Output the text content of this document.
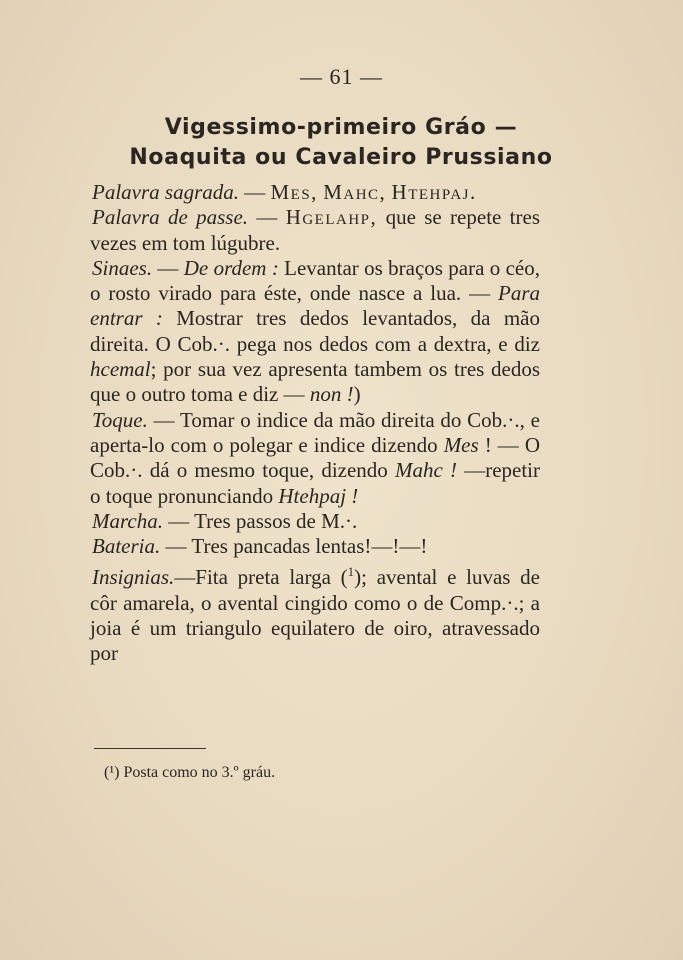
— 61 —
Vigessimo-primeiro Gráo —
Noaquita ou Cavaleiro Prussiano

Palavra sagrada. — Mes, Mahc, Htehpaj.

Palavra de passe. — Hgelahp, que se repete tres vezes em tom lúgubre.

Sinaes. — De ordem : Levantar os braços para o céo, o rosto virado para éste, onde nasce a lua. — Para entrar : Mostrar tres dedos levantados, da mão direita. O Cob.·. pega nos dedos com a dextra, e diz hcemal; por sua vez apresenta tambem os tres dedos que o outro toma e diz — non !)

Toque. — Tomar o indice da mão direita do Cob.·., e aperta-lo com o polegar e indice dizendo Mes ! — O Cob.·. dá o mesmo toque, dizendo Mahc ! —repetir o toque pronunciando Htehpaj !

Marcha. — Tres passos de M.·.

Bateria. — Tres pancadas lentas!—!—!

Insignias.—Fita preta larga ($^1$); avental e luvas de côr amarela, o avental cingido como o de Comp.·.; a joia é um triangulo equilatero de oiro, atravessado por

(¹) Posta como no 3.º gráu.
